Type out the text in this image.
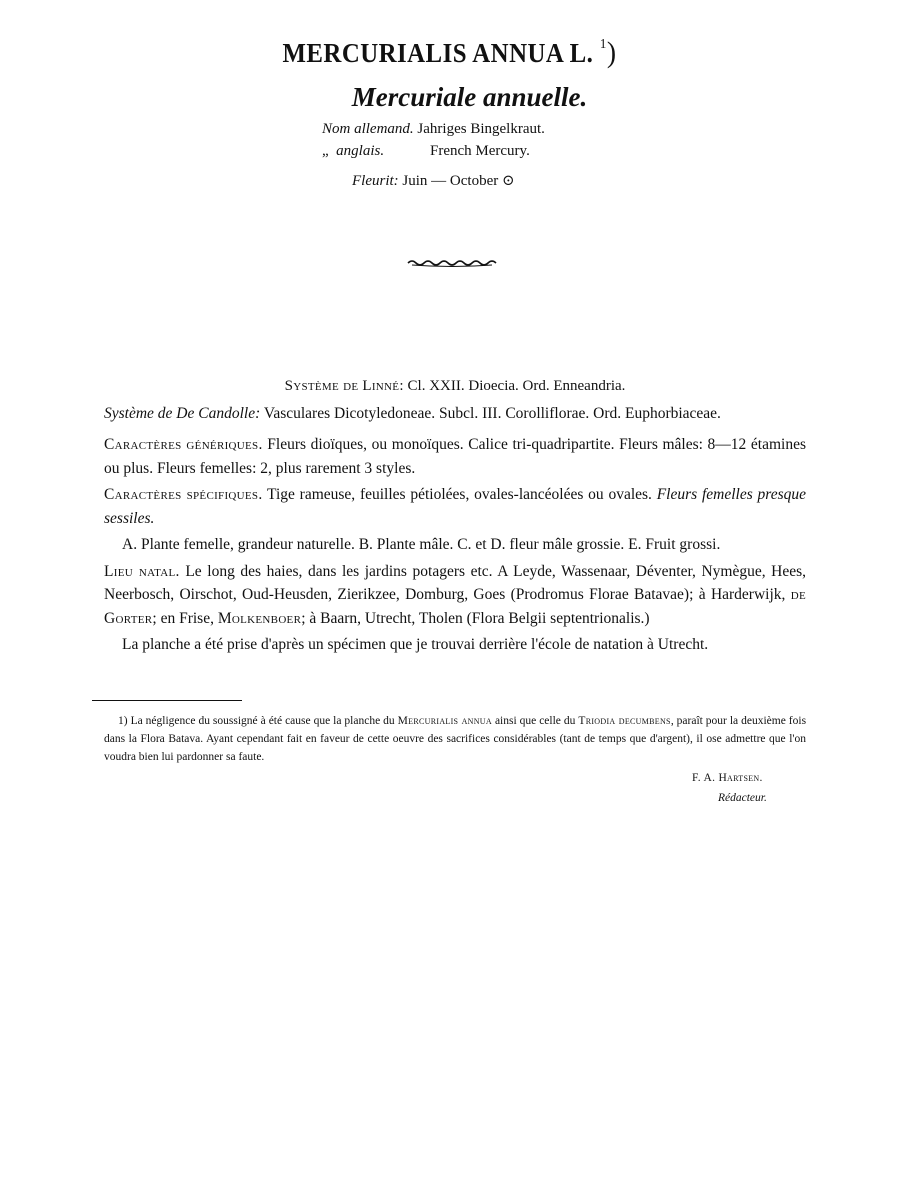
MERCURIALIS ANNUA L. $^1$)
Mercuriale annuelle.
Nom allemand. Jahriges Bingelkraut.
„ anglais.	French Mercury.
Fleurit: Juin — October ⊙
Système de Linné: Cl. XXII. Dioecia. Ord. Enneandria.
Système de De Candolle: Vasculares Dicotyledoneae. Subcl. III. Corolliflorae. Ord. Euphorbiaceae.
Caractères génériques. Fleurs dioïques, ou monoïques. Calice tri-quadripartite. Fleurs mâles: 8—12 étamines ou plus. Fleurs femelles: 2, plus rarement 3 styles.
Caractères spécifiques. Tige rameuse, feuilles pétiolées, ovales-lancéolées ou ovales. Fleurs femelles presque sessiles.
A. Plante femelle, grandeur naturelle. B. Plante mâle. C. et D. fleur mâle grossie. E. Fruit grossi.
Lieu natal. Le long des haies, dans les jardins potagers etc. A Leyde, Wassenaar, Déventer, Nymègue, Hees, Neerbosch, Oirschot, Oud-Heusden, Zierikzee, Domburg, Goes (Prodromus Florae Batavae); à Harderwijk, de Gorter; en Frise, Molkenboer; à Baarn, Utrecht, Tholen (Flora Belgii septentrionalis.)
La planche a été prise d'après un spécimen que je trouvai derrière l'école de natation à Utrecht.
1) La négligence du soussigné à été cause que la planche du Mercurialis annua ainsi que celle du Triodia decumbens, paraît pour la deuxième fois dans la Flora Batava. Ayant cependant fait en faveur de cette oeuvre des sacrifices considérables (tant de temps que d'argent), il ose admettre que l'on voudra bien lui pardonner sa faute.
F. A. Hartsen.
Rédacteur.
